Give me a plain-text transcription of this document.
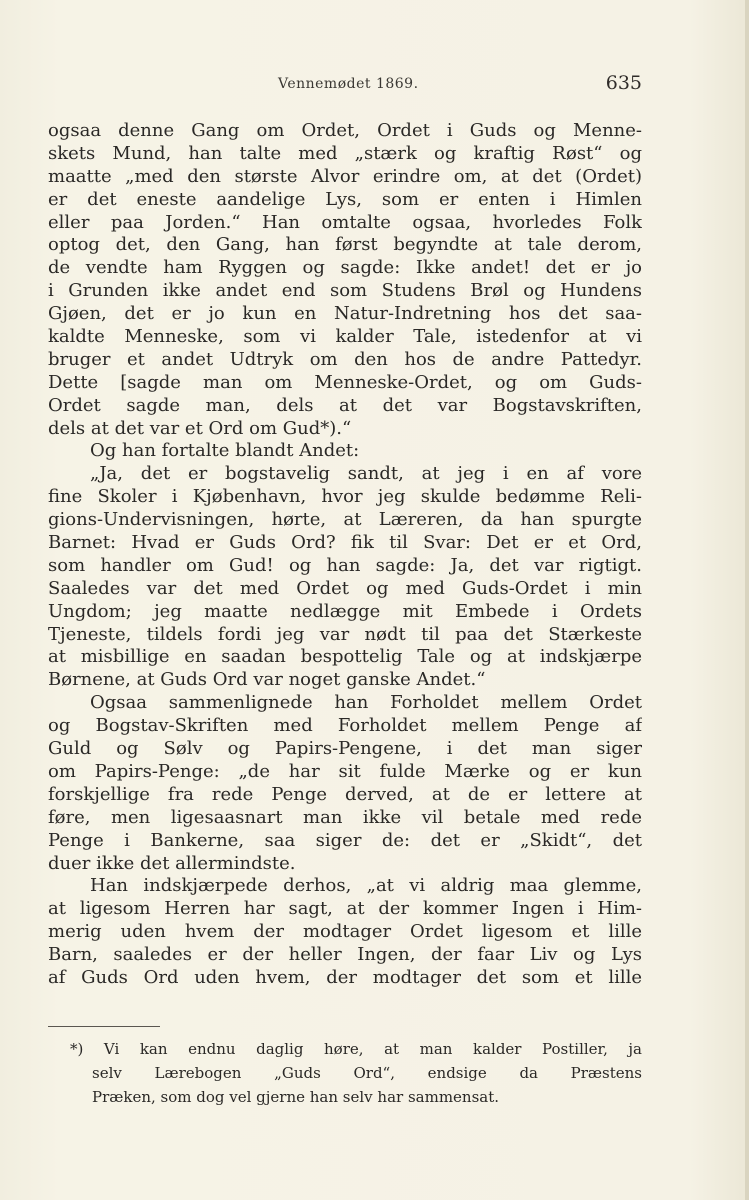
Vennemødet 1869.	635
ogsaa denne Gang om Ordet, Ordet i Guds og Menne-
skets Mund, han talte med „stærk og kraftig Røst“ og
maatte „med den største Alvor erindre om, at det (Ordet)
er det eneste aandelige Lys, som er enten i Himlen
eller paa Jorden.“ Han omtalte ogsaa, hvorledes Folk
optog det, den Gang, han først begyndte at tale derom,
de vendte ham Ryggen og sagde: Ikke andet! det er jo
i Grunden ikke andet end som Studens Brøl og Hundens
Gjøen, det er jo kun en Natur-Indretning hos det saa-
kaldte Menneske, som vi kalder Tale, istedenfor at vi
bruger et andet Udtryk om den hos de andre Pattedyr.
Dette [sagde man om Menneske-Ordet, og om Guds-
Ordet sagde man, dels at det var Bogstavskriften,
dels at det var et Ord om Gud*).“
Og han fortalte blandt Andet:
„Ja, det er bogstavelig sandt, at jeg i en af vore
fine Skoler i Kjøbenhavn, hvor jeg skulde bedømme Reli-
gions-Undervisningen, hørte, at Læreren, da han spurgte
Barnet: Hvad er Guds Ord? fik til Svar: Det er et Ord,
som handler om Gud! og han sagde: Ja, det var rigtigt.
Saaledes var det med Ordet og med Guds-Ordet i min
Ungdom; jeg maatte nedlægge mit Embede i Ordets
Tjeneste, tildels fordi jeg var nødt til paa det Stærkeste
at misbillige en saadan bespottelig Tale og at indskjærpe
Børnene, at Guds Ord var noget ganske Andet.“
Ogsaa sammenlignede han Forholdet mellem Ordet
og Bogstav-Skriften med Forholdet mellem Penge af
Guld og Sølv og Papirs-Pengene, i det man siger
om Papirs-Penge: „de har sit fulde Mærke og er kun
forskjellige fra rede Penge derved, at de er lettere at
føre, men ligesaasnart man ikke vil betale med rede
Penge i Bankerne, saa siger de: det er „Skidt“, det
duer ikke det allermindste.
Han indskjærpede derhos, „at vi aldrig maa glemme,
at ligesom Herren har sagt, at der kommer Ingen i Him-
merig uden hvem der modtager Ordet ligesom et lille
Barn, saaledes er der heller Ingen, der faar Liv og Lys
af Guds Ord uden hvem, der modtager det som et lille
*) Vi kan endnu daglig høre, at man kalder Postiller, ja
selv Lærebogen „Guds Ord“, endsige da Præstens
Præken, som dog vel gjerne han selv har sammensat.
